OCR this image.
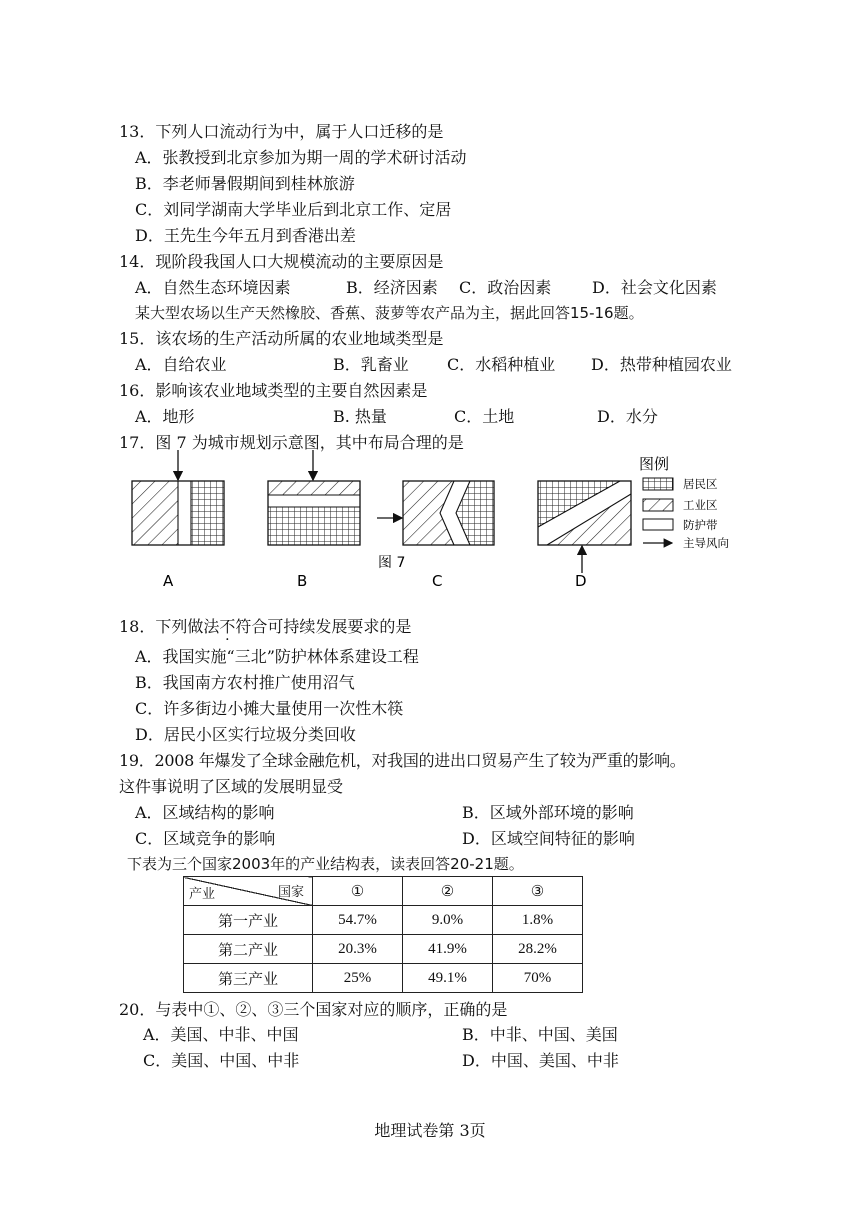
13．下列人口流动行为中，属于人口迁移的是
A．张教授到北京参加为期一周的学术研讨活动
B．李老师暑假期间到桂林旅游
C．刘同学湖南大学毕业后到北京工作、定居
D．王先生今年五月到香港出差
14．现阶段我国人口大规模流动的主要原因是
A．自然生态环境因素	B．经济因素 C．政治因素	D．社会文化因素
某大型农场以生产天然橡胶、香蕉、菠萝等农产品为主，据此回答15-16题。
15．该农场的生产活动所属的农业地域类型是
A．自给农业	B．乳畜业 C．水稻种植业 D．热带种植园农业
16．影响该农业地域类型的主要自然因素是
A．地形	B. 热量	C．土地	D．水分
17．图 7 为城市规划示意图，其中布局合理的是
图 7
A	B	C	D
图例
居民区
工业区
防护带
主导风向
18．下列做法不符合可持续发展要求的是
A．我国实施“三北”防护林体系建设工程
B．我国南方农村推广使用沼气
C．许多街边小摊大量使用一次性木筷
D．居民小区实行垃圾分类回收
19．2008 年爆发了全球金融危机，对我国的进出口贸易产生了较为严重的影响。
这件事说明了区域的发展明显受
A．区域结构的影响	B．区域外部环境的影响
C．区域竞争的影响	D．区域空间特征的影响
下表为三个国家2003年的产业结构表，读表回答20-21题。
产业 国家	①	②	③
第一产业	54.7%	9.0%	1.8%
第二产业	20.3%	41.9%	28.2%
第三产业	25%	49.1%	70%
20．与表中①、②、③三个国家对应的顺序，正确的是
A．美国、中非、中国	B．中非、中国、美国
C．美国、中国、中非	D．中国、美国、中非
地理试卷第 3页
